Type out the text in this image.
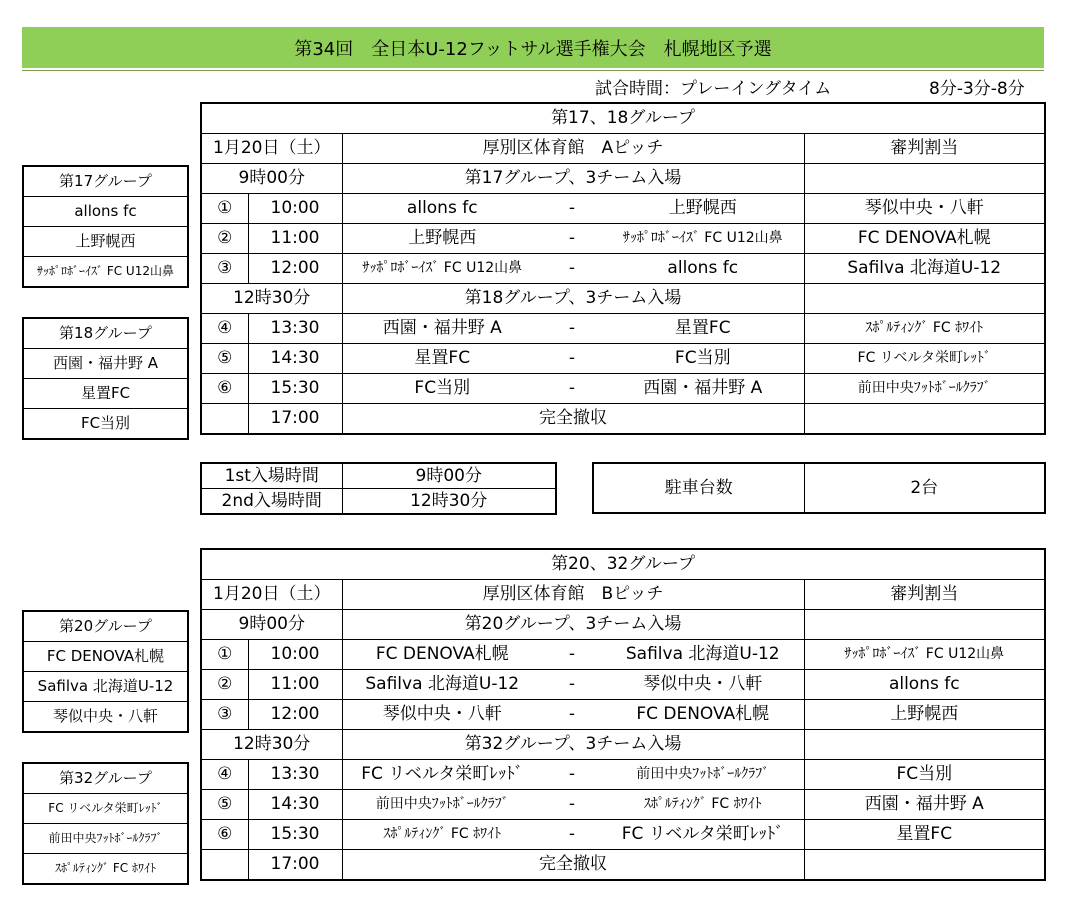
第34回　全日本U-12フットサル選手権大会　札幌地区予選
試合時間：プレーイングタイム	8分-3分-8分
第17、18グループ					
1月20日（土）		厚別区体育館　Aピッチ			審判割当
9時00分		第17グループ、3チーム入場			
①	10:00	allons fc	-	上野幌西	琴似中央・八軒
②	11:00	上野幌西	-	ｻｯﾎﾟﾛﾎﾞｰｲｽﾞ FC U12山鼻	FC DENOVA札幌
③	12:00	ｻｯﾎﾟﾛﾎﾞｰｲｽﾞ FC U12山鼻	-	allons fc	Safilva 北海道U-12
12時30分		第18グループ、3チーム入場			
④	13:30	西園・福井野 A	-	星置FC	ｽﾎﾟﾙﾃｨﾝｸﾞ FC ﾎﾜｲﾄ
⑤	14:30	星置FC	-	FC当別	FC リベルタ栄町ﾚｯﾄﾞ
⑥	15:30	FC当別	-	西園・福井野 A	前田中央ﾌｯﾄﾎﾞｰﾙｸﾗﾌﾞ
	17:00	完全撤収			
第17グループ
allons fc
上野幌西
ｻｯﾎﾟﾛﾎﾞｰｲｽﾞ FC U12山鼻
第18グループ
西園・福井野 A
星置FC
FC当別
1st入場時間	9時00分
2nd入場時間	12時30分
駐車台数	2台
第20、32グループ					
1月20日（土）		厚別区体育館　Bピッチ			審判割当
9時00分		第20グループ、3チーム入場			
①	10:00	FC DENOVA札幌	-	Safilva 北海道U-12	ｻｯﾎﾟﾛﾎﾞｰｲｽﾞ FC U12山鼻
②	11:00	Safilva 北海道U-12	-	琴似中央・八軒	allons fc
③	12:00	琴似中央・八軒	-	FC DENOVA札幌	上野幌西
12時30分		第32グループ、3チーム入場			
④	13:30	FC リベルタ栄町ﾚｯﾄﾞ	-	前田中央ﾌｯﾄﾎﾞｰﾙｸﾗﾌﾞ	FC当別
⑤	14:30	前田中央ﾌｯﾄﾎﾞｰﾙｸﾗﾌﾞ	-	ｽﾎﾟﾙﾃｨﾝｸﾞ FC ﾎﾜｲﾄ	西園・福井野 A
⑥	15:30	ｽﾎﾟﾙﾃｨﾝｸﾞ FC ﾎﾜｲﾄ	-	FC リベルタ栄町ﾚｯﾄﾞ	星置FC
	17:00	完全撤収			
第20グループ
FC DENOVA札幌
Safilva 北海道U-12
琴似中央・八軒
第32グループ
FC リベルタ栄町ﾚｯﾄﾞ
前田中央ﾌｯﾄﾎﾞｰﾙｸﾗﾌﾞ
ｽﾎﾟﾙﾃｨﾝｸﾞ FC ﾎﾜｲﾄ
